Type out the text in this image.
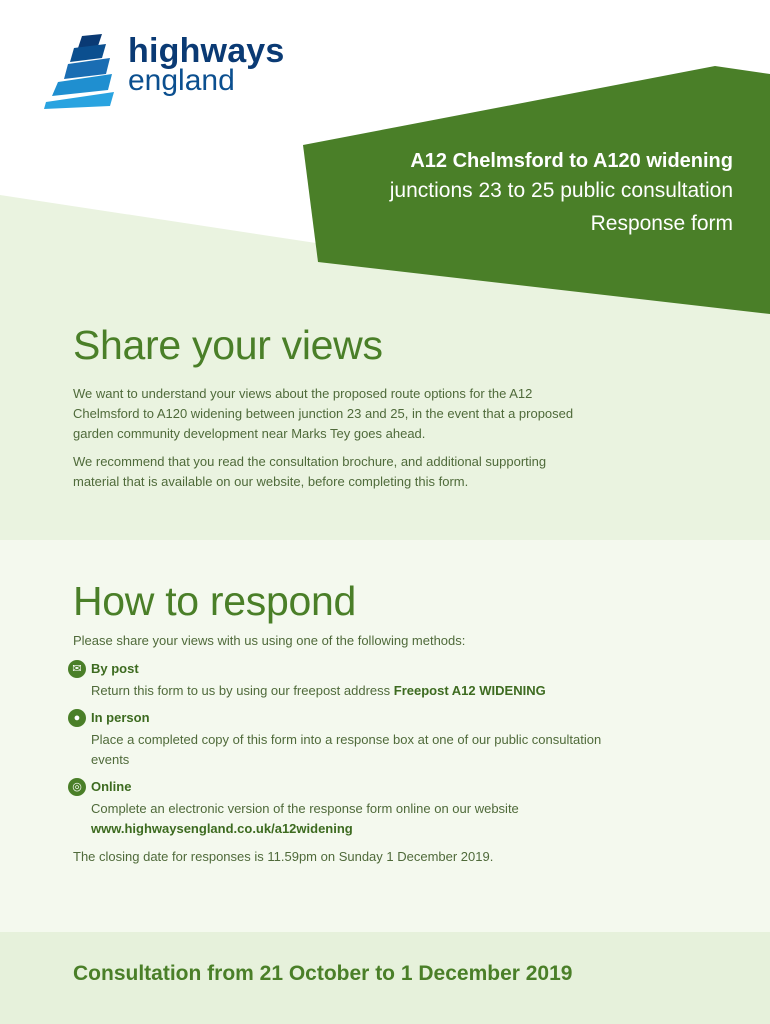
highways
england
A12 Chelmsford to A120 widening
junctions 23 to 25 public consultation
Response form
Share your views

We want to understand your views about the proposed route options for the A12 Chelmsford to A120 widening between junction 23 and 25, in the event that a proposed garden community development near Marks Tey goes ahead.

We recommend that you read the consultation brochure, and additional supporting material that is available on our website, before completing this form.

How to respond

Please share your views with us using one of the following methods:

✉ By post
Return this form to us by using our freepost address Freepost A12 WIDENING
● In person
Place a completed copy of this form into a response box at one of our public consultation events
◎ Online
Complete an electronic version of the response form online on our website
www.highwaysengland.co.uk/a12widening

The closing date for responses is 11.59pm on Sunday 1 December 2019.

Consultation from 21 October to 1 December 2019
